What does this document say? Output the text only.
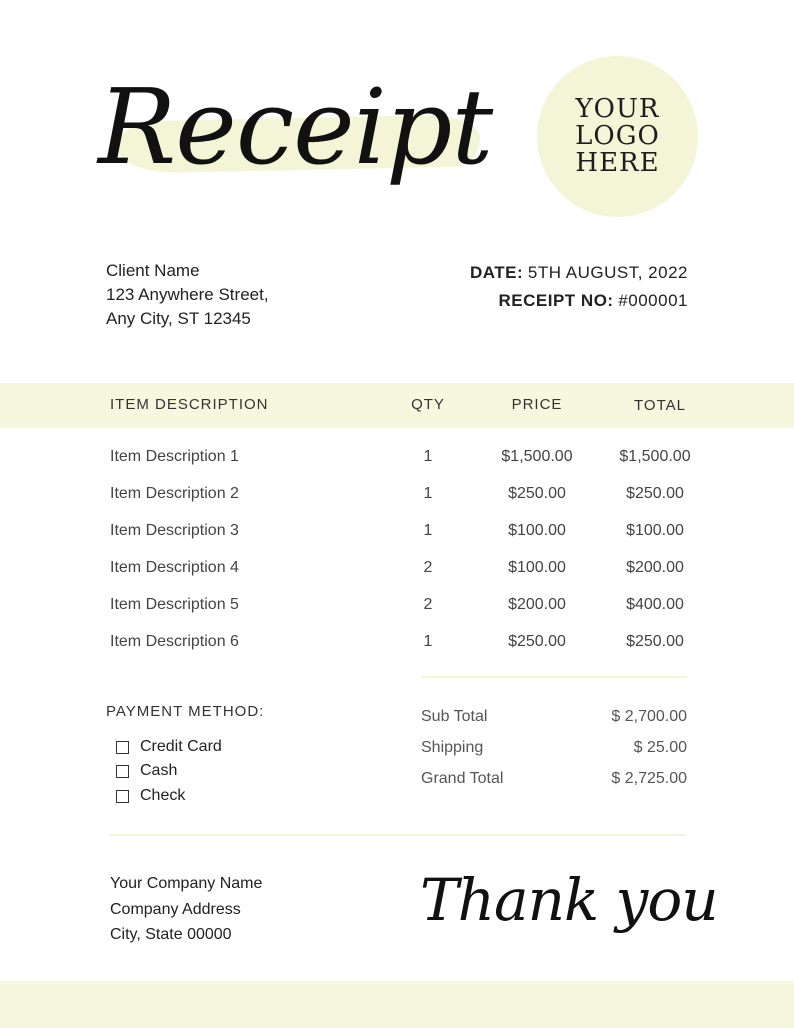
Receipt	YOUR LOGO HERE
Client Name
123 Anywhere Street,
Any City, ST 12345
DATE: 5TH AUGUST, 2022
RECEIPT NO: #000001
ITEM DESCRIPTION	QTY	PRICE	TOTAL
Item Description 1	1	$1,500.00	$1,500.00
Item Description 2	1	$250.00	$250.00
Item Description 3	1	$100.00	$100.00
Item Description 4	2	$100.00	$200.00
Item Description 5	2	$200.00	$400.00
Item Description 6	1	$250.00	$250.00
PAYMENT METHOD:
Credit Card
Cash
Check
Sub Total	$ 2,700.00
Shipping	$ 25.00
Grand Total	$ 2,725.00
Your Company Name
Company Address
City, State 00000
Thank you
